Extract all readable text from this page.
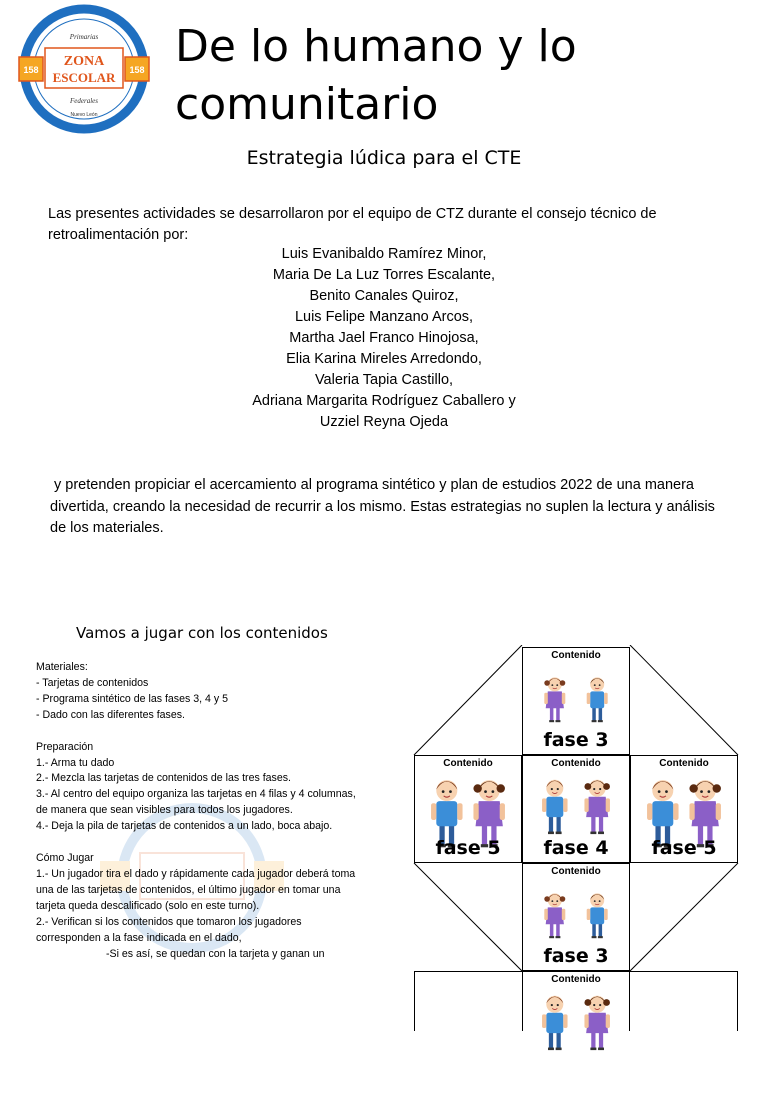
Primarias
158	158
ZONA
ESCOLAR
Federales
Nuevo León
De lo humano y lo comunitario
Estrategia lúdica para el CTE

Las presentes actividades se desarrollaron por el equipo de CTZ durante el consejo técnico de retroalimentación por:

Luis Evanibaldo Ramírez Minor,
Maria De La Luz Torres Escalante,
Benito Canales Quiroz,
Luis Felipe Manzano Arcos,
Martha Jael Franco Hinojosa,
Elia Karina Mireles Arredondo,
Valeria Tapia Castillo,
Adriana Margarita Rodríguez Caballero y
Uzziel Reyna Ojeda

y pretenden propiciar el acercamiento al programa sintético y plan de estudios 2022 de una manera divertida, creando la necesidad de recurrir a los mismo. Estas estrategias no suplen la lectura y análisis de los materiales.

Vamos a jugar con los contenidos

Materiales:

- Tarjetas de contenidos

- Programa sintético de las fases 3, 4 y 5

- Dado con las diferentes fases.

Preparación

1.- Arma tu dado

2.- Mezcla las tarjetas de contenidos de las tres fases.

3.- Al centro del equipo organiza las tarjetas en 4 filas y 4 columnas, de manera que sean visibles para todos los jugadores.

4.- Deja la pila de tarjetas de contenidos a un lado, boca abajo.

Cómo Jugar

1.- Un jugador tira el dado y rápidamente cada jugador deberá toma una de las tarjetas de contenidos, el último jugador en tomar una tarjeta queda descalificado (solo en este turno).

2.- Verifican si los contenidos que tomaron los jugadores corresponden a la fase indicada en el dado,

-Si es así, se quedan con la tarjeta y ganan un

Contenido
fase 3
Contenido
fase 5
Contenido
fase 4
Contenido
fase 5
Contenido
fase 3
Contenido
